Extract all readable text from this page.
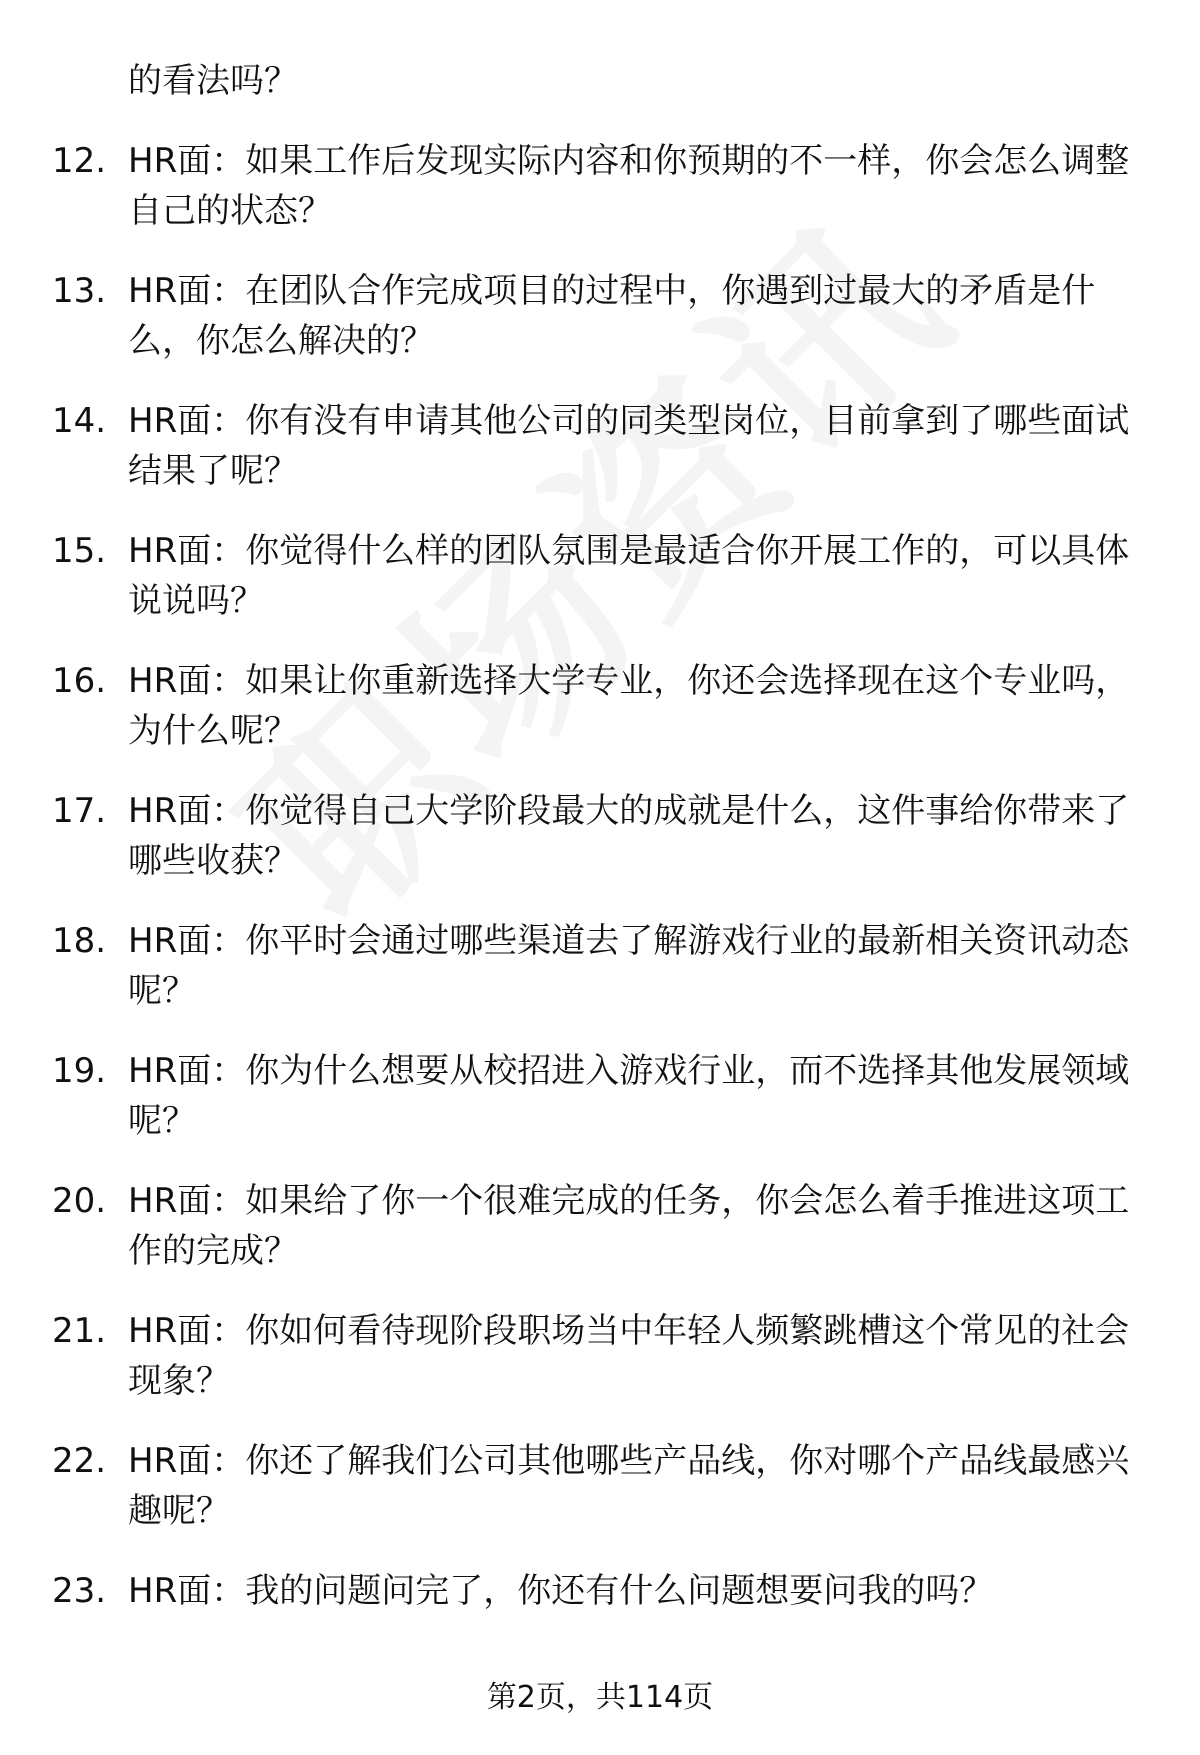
的看法吗？
12. HR面：如果工作后发现实际内容和你预期的不一样，你会怎么调整自己的状态？
13. HR面：在团队合作完成项目的过程中，你遇到过最大的矛盾是什么，你怎么解决的？
14. HR面：你有没有申请其他公司的同类型岗位，目前拿到了哪些面试结果了呢？
15. HR面：你觉得什么样的团队氛围是最适合你开展工作的，可以具体说说吗？
16. HR面：如果让你重新选择大学专业，你还会选择现在这个专业吗，为什么呢？
17. HR面：你觉得自己大学阶段最大的成就是什么，这件事给你带来了哪些收获？
18. HR面：你平时会通过哪些渠道去了解游戏行业的最新相关资讯动态呢？
19. HR面：你为什么想要从校招进入游戏行业，而不选择其他发展领域呢？
20. HR面：如果给了你一个很难完成的任务，你会怎么着手推进这项工作的完成？
21. HR面：你如何看待现阶段职场当中年轻人频繁跳槽这个常见的社会现象？
22. HR面：你还了解我们公司其他哪些产品线，你对哪个产品线最感兴趣呢？
23. HR面：我的问题问完了，你还有什么问题想要问我的吗？
第2页，共114页
